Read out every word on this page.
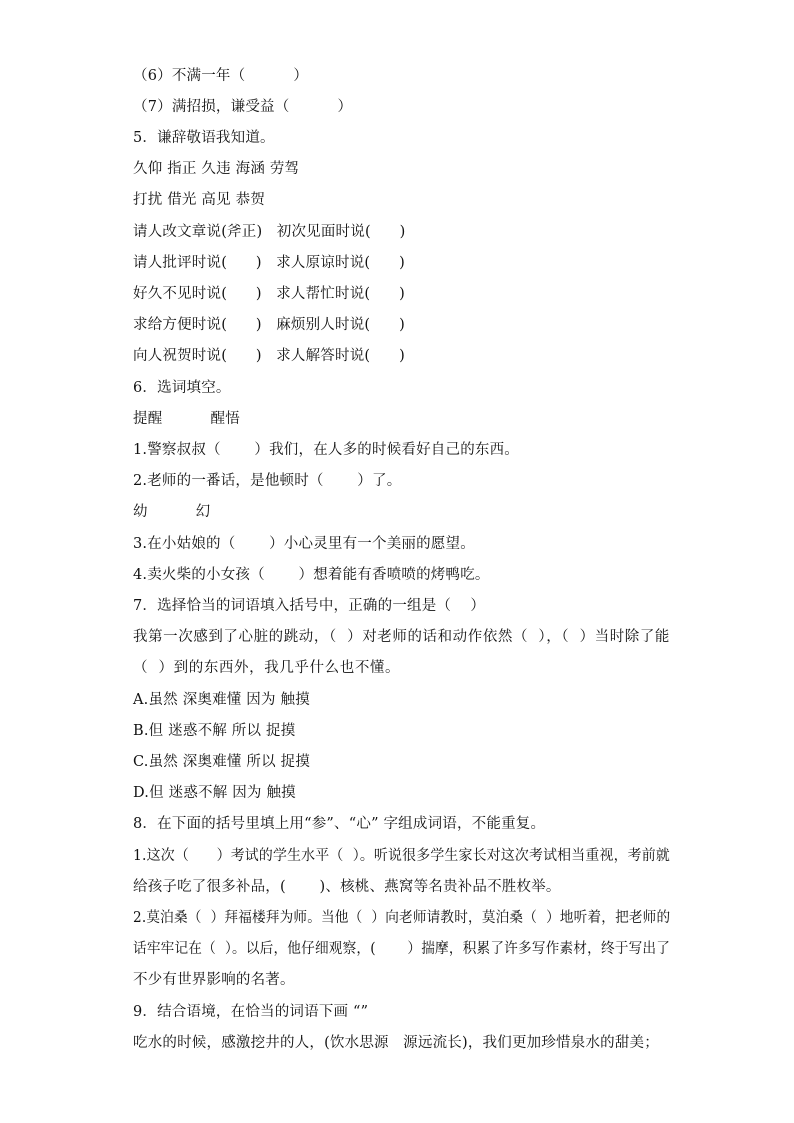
（6）不满一年（          ）
（7）满招损，谦受益（          ）
5．谦辞敬语我知道。
久仰 指正 久违 海涵 劳驾
打扰 借光 高见 恭贺
请人改文章说(斧正)   初次见面时说(      )
请人批评时说(      )   求人原谅时说(      )
好久不见时说(      )   求人帮忙时说(      )
求给方便时说(      )   麻烦别人时说(      )
向人祝贺时说(      )   求人解答时说(      )
6．选词填空。
提醒          醒悟
1.警察叔叔（       ）我们，在人多的时候看好自己的东西。
2.老师的一番话，是他顿时（       ）了。
幼          幻
3.在小姑娘的（       ）小心灵里有一个美丽的愿望。
4.卖火柴的小女孩（       ）想着能有香喷喷的烤鸭吃。
7．选择恰当的词语填入括号中，正确的一组是（    ）
我第一次感到了心脏的跳动，（  ）对老师的话和动作依然（  ），（  ）当时除了能
（  ）到的东西外，我几乎什么也不懂。
A.虽然 深奥难懂 因为 触摸
B.但 迷惑不解 所以 捉摸
C.虽然 深奥难懂 所以 捉摸
D.但 迷惑不解 因为 触摸
8．在下面的括号里填上用“参”、“心” 字组成词语，不能重复。
1.这次（      ）考试的学生水平（  ）。听说很多学生家长对这次考试相当重视，考前就
给孩子吃了很多补品，(       )、核桃、燕窝等名贵补品不胜枚举。
2.莫泊桑（  ）拜福楼拜为师。当他（  ）向老师请教时，莫泊桑（  ）地听着，把老师的
话牢牢记在（  ）。以后，他仔细观察，(       ）揣摩，积累了许多写作素材，终于写出了
不少有世界影响的名著。
9．结合语境，在恰当的词语下画 “”
吃水的时候，感激挖井的人，(饮水思源   源远流长)，我们更加珍惜泉水的甜美；
